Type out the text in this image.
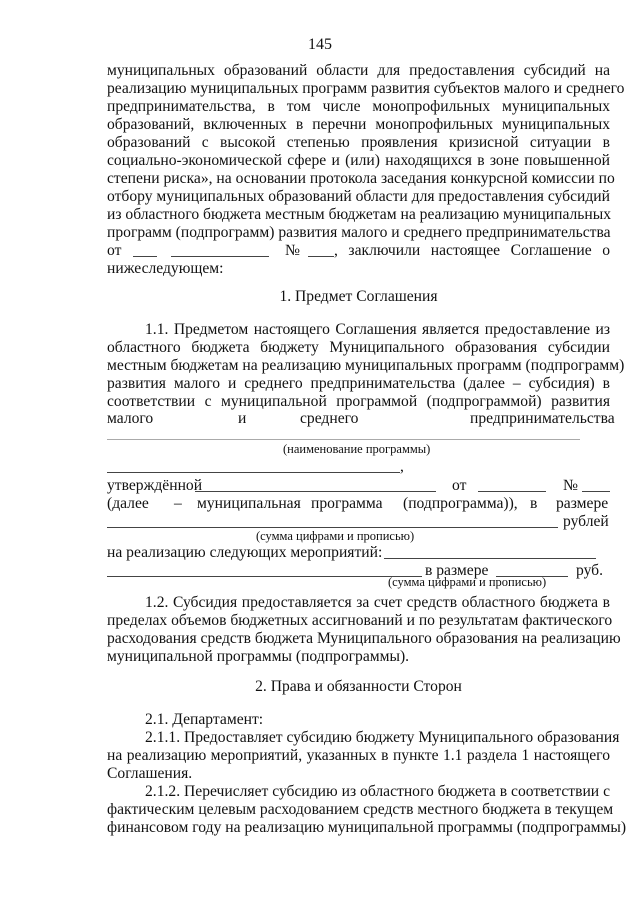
145
муниципальных образований области для предоставления субсидий на
реализацию муниципальных программ развития субъектов малого и среднего
предпринимательства, в том числе монопрофильных муниципальных
образований, включенных в перечни монопрофильных муниципальных
образований с высокой степенью проявления кризисной ситуации в
социально-экономической сфере и (или) находящихся в зоне повышенной
степени риска», на основании протокола заседания конкурсной комиссии по
отбору муниципальных образований области для предоставления субсидий
из областного бюджета местным бюджетам на реализацию муниципальных
программ (подпрограмм) развития малого и среднего предпринимательства
от	№ , заключили настоящее Соглашение о
нижеследующем:
1. Предмет Соглашения
1.1. Предметом настоящего Соглашения является предоставление из
областного бюджета бюджету Муниципального образования субсидии
местным бюджетам на реализацию муниципальных программ (подпрограмм)
развития малого и среднего предпринимательства (далее – субсидия) в
соответствии с муниципальной программой (подпрограммой) развития
малого	и	среднего	предпринимательства
(наименование программы)
,
утверждённой	от	№
(далее – муниципальная программа (подпрограмма)), в размере
рублей
(сумма цифрами и прописью)
на реализацию следующих мероприятий:
в размере	руб.
(сумма цифрами и прописью)
1.2. Субсидия предоставляется за счет средств областного бюджета в
пределах объемов бюджетных ассигнований и по результатам фактического
расходования средств бюджета Муниципального образования на реализацию
муниципальной программы (подпрограммы).
2. Права и обязанности Сторон
2.1. Департамент:
2.1.1. Предоставляет субсидию бюджету Муниципального образования
на реализацию мероприятий, указанных в пункте 1.1 раздела 1 настоящего
Соглашения.
2.1.2. Перечисляет субсидию из областного бюджета в соответствии с
фактическим целевым расходованием средств местного бюджета в текущем
финансовом году на реализацию муниципальной программы (подпрограммы)
